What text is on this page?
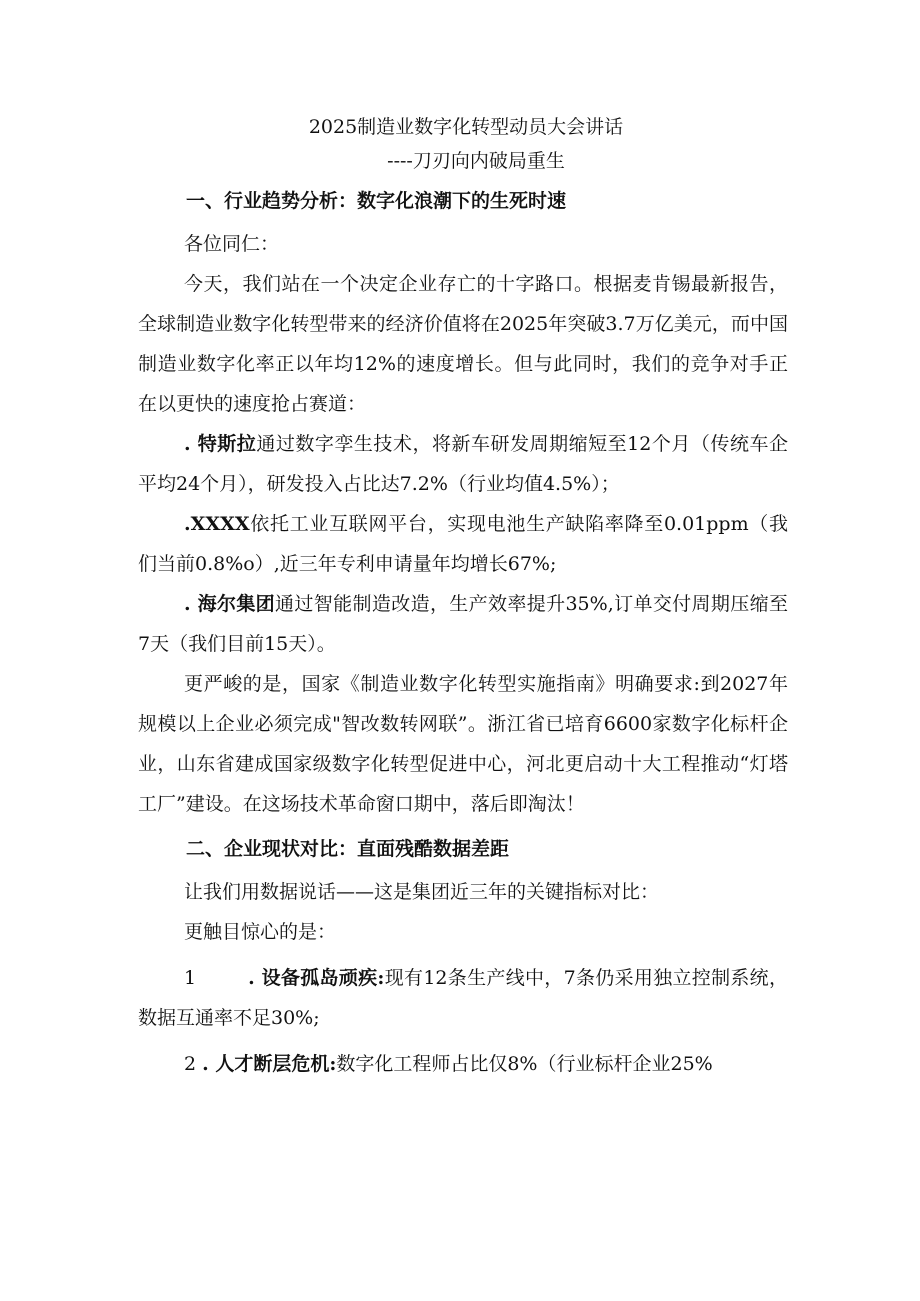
2025制造业数字化转型动员大会讲话

----刀刃向内破局重生

一、行业趋势分析：数字化浪潮下的生死时速

各位同仁：

今天，我们站在一个决定企业存亡的十字路口。根据麦肯锡最新报告，全球制造业数字化转型带来的经济价值将在2025年突破3.7万亿美元，而中国制造业数字化率正以年均12%的速度增长。但与此同时，我们的竞争对手正在以更快的速度抢占赛道：

. 特斯拉通过数字孪生技术，将新车研发周期缩短至12个月（传统车企平均24个月），研发投入占比达7.2%（行业均值4.5%）；

.XXXX依托工业互联网平台，实现电池生产缺陷率降至0.01ppm（我们当前0.8%o）,近三年专利申请量年均增长67%;

. 海尔集团通过智能制造改造，生产效率提升35%,订单交付周期压缩至7天（我们目前15天）。

更严峻的是，国家《制造业数字化转型实施指南》明确要求:到2027年规模以上企业必须完成"智改数转网联”。浙江省已培育6600家数字化标杆企业，山东省建成国家级数字化转型促进中心，河北更启动十大工程推动“灯塔工厂”建设。在这场技术革命窗口期中，落后即淘汰！

二、企业现状对比：直面残酷数据差距

让我们用数据说话——这是集团近三年的关键指标对比：

更触目惊心的是：

1	. 设备孤岛顽疾:现有12条生产线中，7条仍采用独立控制系统，数据互通率不足30%;

2 . 人才断层危机:数字化工程师占比仅8%（行业标杆企业25%
